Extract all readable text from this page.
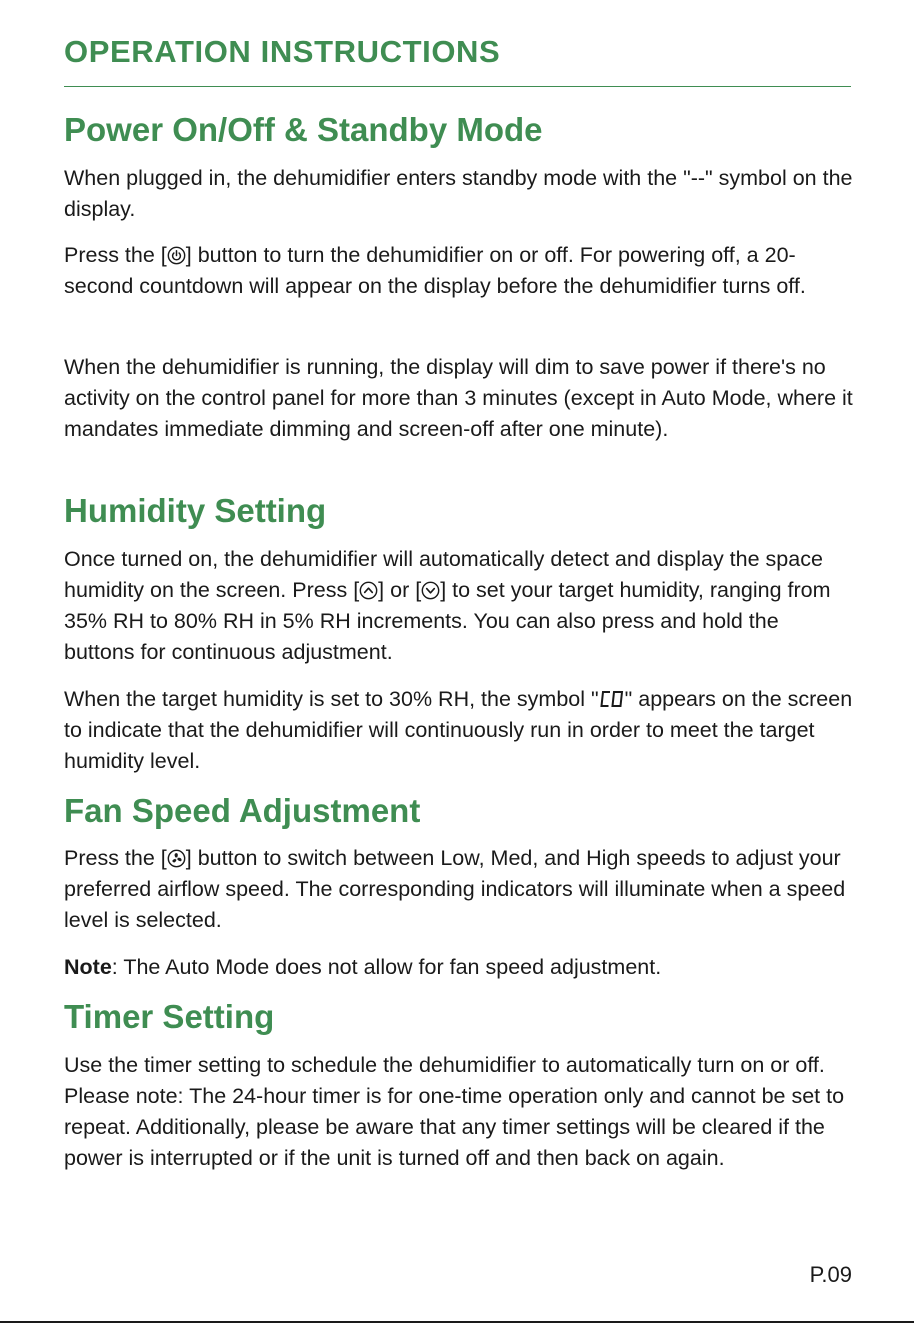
OPERATION INSTRUCTIONS
Power On/Off & Standby Mode

When plugged in, the dehumidifier enters standby mode with the "--" symbol on the display.

Press the [ ] button to turn the dehumidifier on or off. For powering off, a 20-second countdown will appear on the display before the dehumidifier turns off.

When the dehumidifier is running, the display will dim to save power if there's no activity on the control panel for more than 3 minutes (except in Auto Mode, where it mandates immediate dimming and screen-off after one minute).

Humidity Setting

Once turned on, the dehumidifier will automatically detect and display the space humidity on the screen. Press [ ] or [ ] to set your target humidity, ranging from 35% RH to 80% RH in 5% RH increments. You can also press and hold the buttons for continuous adjustment.

When the target humidity is set to 30% RH, the symbol " " appears on the screen to indicate that the dehumidifier will continuously run in order to meet the target humidity level.

Fan Speed Adjustment

Press the [ ] button to switch between Low, Med, and High speeds to adjust your preferred airflow speed. The corresponding indicators will illuminate when a speed level is selected.

Note: The Auto Mode does not allow for fan speed adjustment.

Timer Setting

Use the timer setting to schedule the dehumidifier to automatically turn on or off. Please note: The 24-hour timer is for one-time operation only and cannot be set to repeat. Additionally, please be aware that any timer settings will be cleared if the power is interrupted or if the unit is turned off and then back on again.

P.09
